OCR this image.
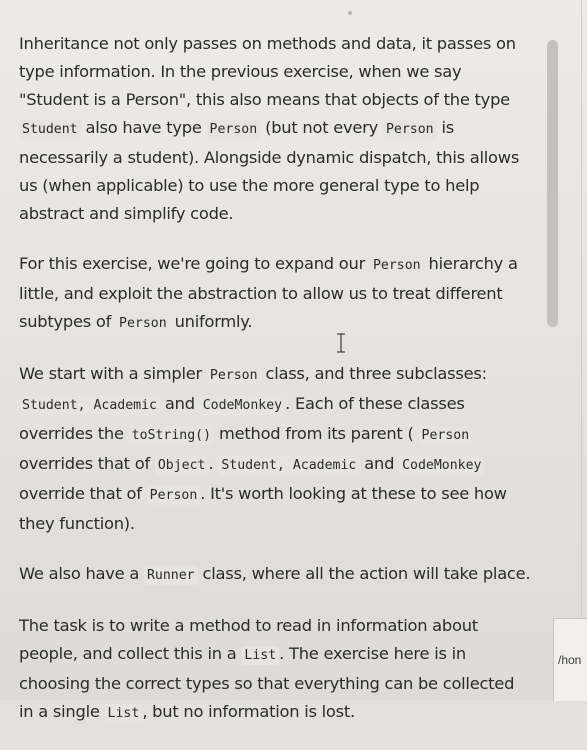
Inheritance not only passes on methods and data, it passes on type information. In the previous exercise, when we say "Student is a Person", this also means that objects of the type Student also have type Person (but not every Person is necessarily a student). Alongside dynamic dispatch, this allows us (when applicable) to use the more general type to help abstract and simplify code.

For this exercise, we're going to expand our Person hierarchy a little, and exploit the abstraction to allow us to treat different subtypes of Person uniformly.

We start with a simpler Person class, and three subclasses: Student, Academic and CodeMonkey . Each of these classes overrides the toString() method from its parent ( Person overrides that of Object . Student, Academic and CodeMonkey override that of Person . It's worth looking at these to see how they function).

We also have a Runner class, where all the action will take place.

The task is to write a method to read in information about people, and collect this in a List . The exercise here is in choosing the correct types so that everything can be collected in a single List , but no information is lost.

/hon
